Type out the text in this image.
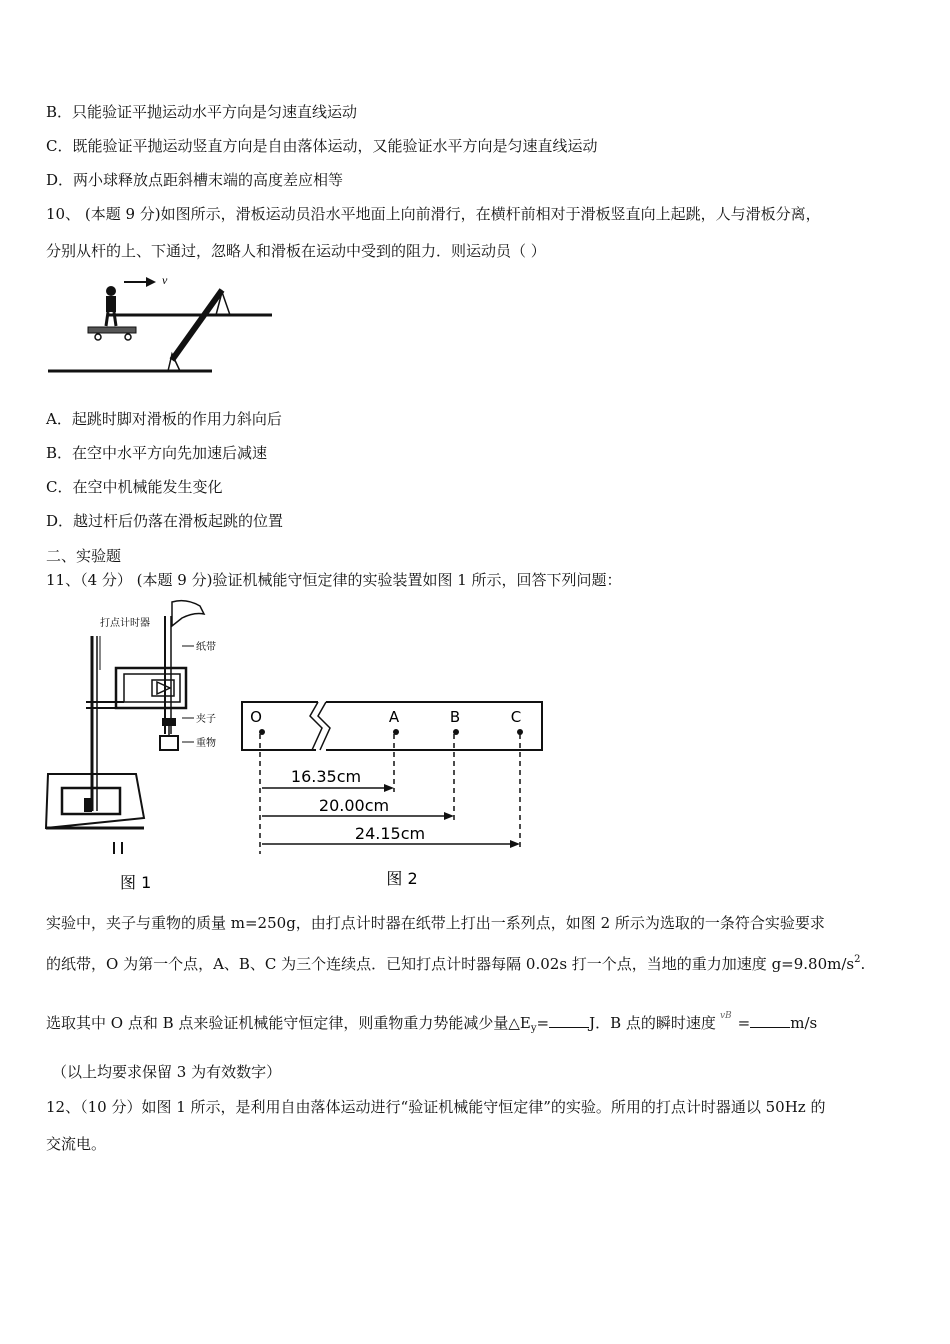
B．只能验证平抛运动水平方向是匀速直线运动
C．既能验证平抛运动竖直方向是自由落体运动，又能验证水平方向是匀速直线运动
D．两小球释放点距斜槽末端的高度差应相等
10、 (本题 9 分)如图所示，滑板运动员沿水平地面上向前滑行，在横杆前相对于滑板竖直向上起跳，人与滑板分离，
分别从杆的上、下通过，忽略人和滑板在运动中受到的阻力．则运动员（ ）
v
A．起跳时脚对滑板的作用力斜向后
B．在空中水平方向先加速后减速
C．在空中机械能发生变化
D．越过杆后仍落在滑板起跳的位置
二、实验题
11、（4 分） (本题 9 分)验证机械能守恒定律的实验装置如图 1 所示，回答下列问题：
打点计时器
纸带
夹子
重物
图 1
O	A	B	C
16.35cm
20.00cm
24.15cm
图 2
实验中，夹子与重物的质量 m=250g，由打点计时器在纸带上打出一系列点，如图 2 所示为选取的一条符合实验要求
的纸带，O 为第一个点，A、B、C 为三个连续点．已知打点计时器每隔 0.02s 打一个点，当地的重力加速度 $g=9.80m/s^2$.
选取其中 O 点和 B 点来验证机械能守恒定律，则重物重力势能减少量$\triangle E_y=$	J．B 点的瞬时速度 $^{vB}$ =	m/s
（以上均要求保留 3 为有效数字）
12、（10 分）如图 1 所示，是利用自由落体运动进行“验证机械能守恒定律”的实验。所用的打点计时器通以 50Hz 的
交流电。
